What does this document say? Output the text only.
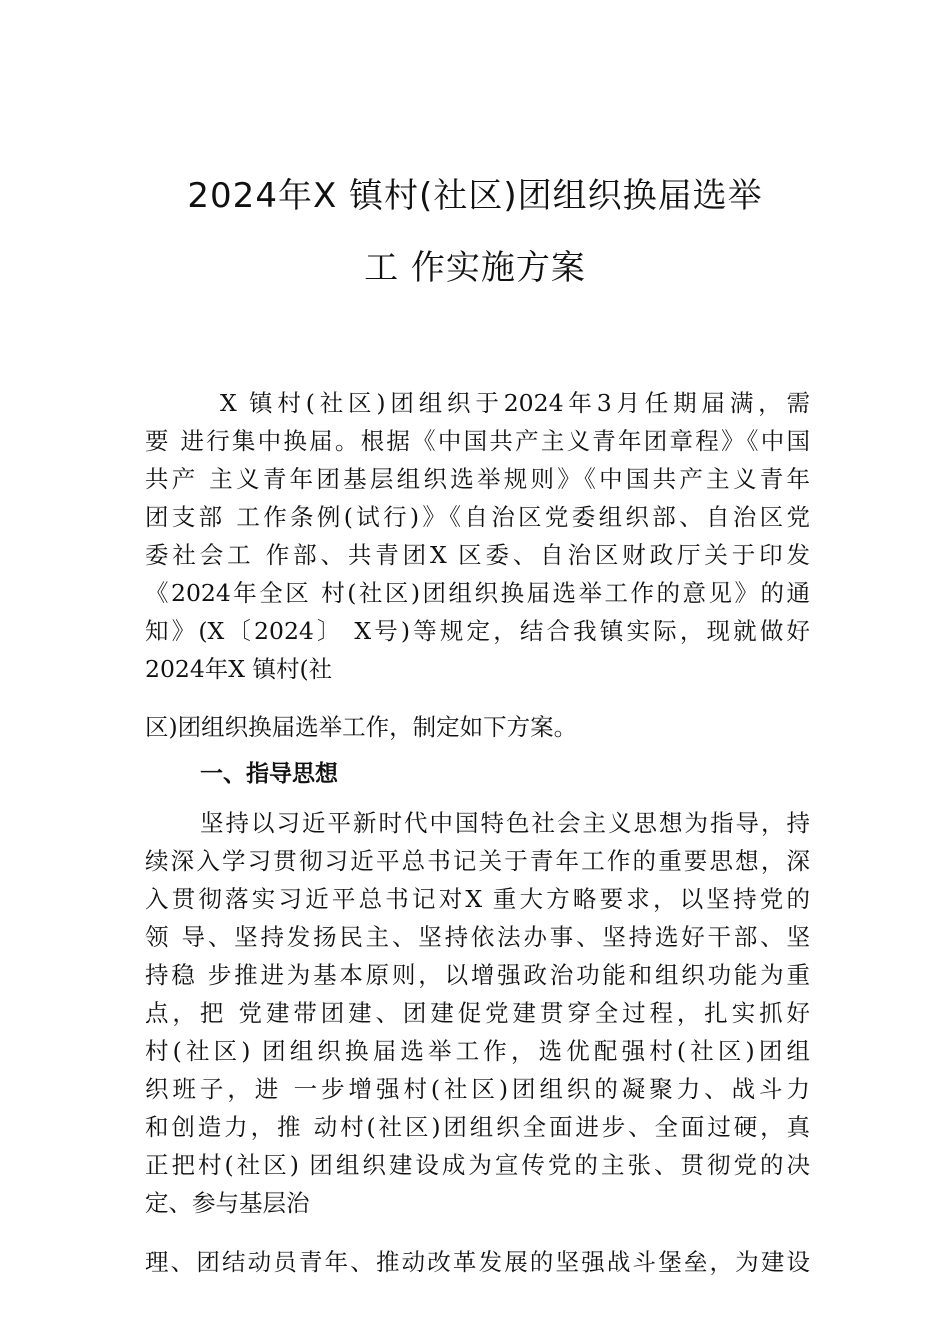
2024年X 镇村(社区)团组织换届选举
工 作实施方案
X 镇村(社区)团组织于2024年3月任期届满，需
要 进行集中换届。根据《中国共产主义青年团章程》《中国
共产 主义青年团基层组织选举规则》《中国共产主义青年
团支部 工作条例(试行)》《自治区党委组织部、自治区党
委社会工 作部、共青团X 区委、自治区财政厅关于印发
《2024年全区 村(社区)团组织换届选举工作的意见》的通
知》(X〔2024〕 X号)等规定，结合我镇实际，现就做好
2024年X 镇村(社
区)团组织换届选举工作，制定如下方案。
一、指导思想
坚持以习近平新时代中国特色社会主义思想为指导，持
续深入学习贯彻习近平总书记关于青年工作的重要思想，深
入贯彻落实习近平总书记对X 重大方略要求，以坚持党的
领 导、坚持发扬民主、坚持依法办事、坚持选好干部、坚
持稳 步推进为基本原则，以增强政治功能和组织功能为重
点，把 党建带团建、团建促党建贯穿全过程，扎实抓好
村(社区) 团组织换届选举工作，选优配强村(社区)团组
织班子，进 一步增强村(社区)团组织的凝聚力、战斗力
和创造力，推 动村(社区)团组织全面进步、全面过硬，真
正把村(社区) 团组织建设成为宣传党的主张、贯彻党的决
定、参与基层治
理、团结动员青年、推动改革发展的坚强战斗堡垒，为建设
